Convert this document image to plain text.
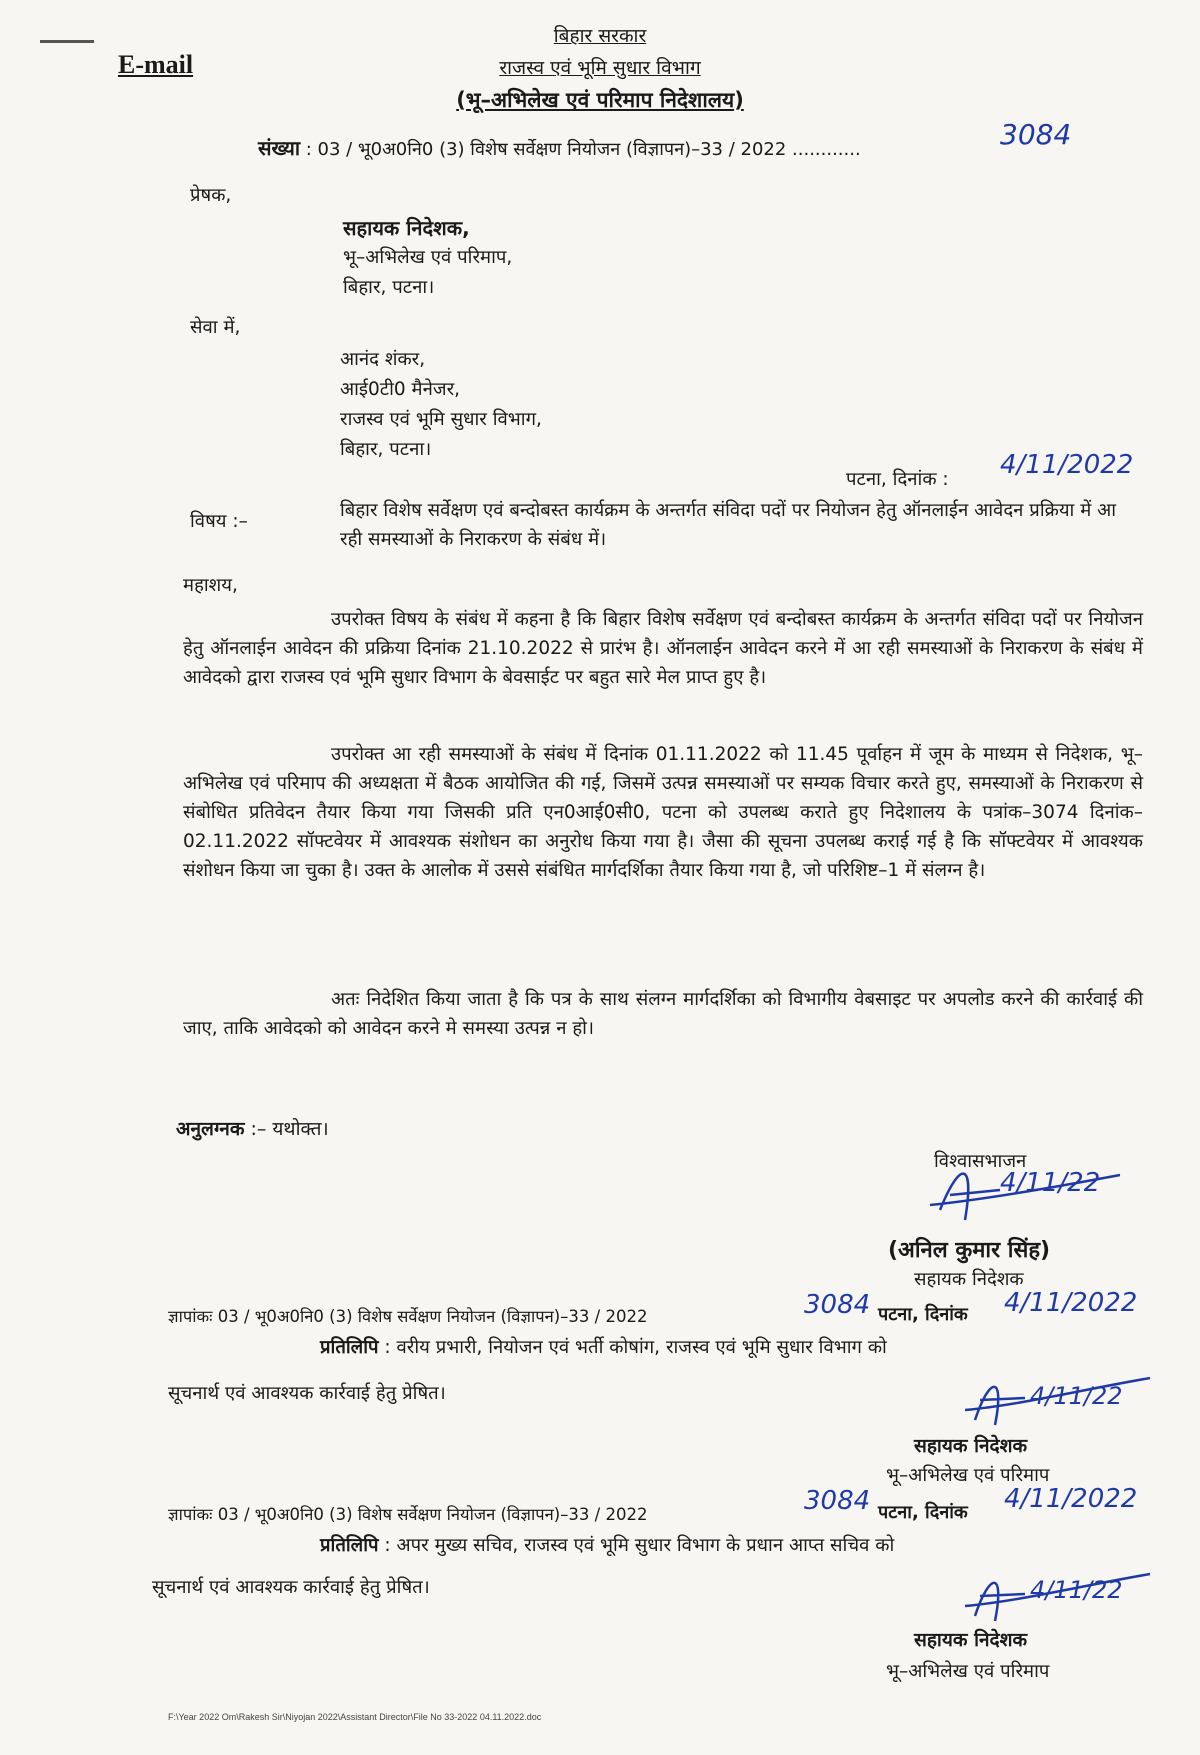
E-mail
बिहार सरकार
राजस्व एवं भूमि सुधार विभाग
(भू–अभिलेख एवं परिमाप निदेशालय)
संख्या : 03 / भू0अ0नि0 (3) विशेष सर्वेक्षण नियोजन (विज्ञापन)–33 / 2022 ............	3084
प्रेषक,
सहायक निदेशक,
भू–अभिलेख एवं परिमाप,
बिहार, पटना।
सेवा में,
आनंद शंकर,
आई0टी0 मैनेजर,
राजस्व एवं भूमि सुधार विभाग,
बिहार, पटना।
पटना, दिनांक : 4/11/2022
विषय :–
बिहार विशेष सर्वेक्षण एवं बन्दोबस्त कार्यक्रम के अन्तर्गत संविदा पदों पर नियोजन हेतु ऑनलाईन आवेदन प्रक्रिया में आ रही समस्याओं के निराकरण के संबंध में।
महाशय,
उपरोक्त विषय के संबंध में कहना है कि बिहार विशेष सर्वेक्षण एवं बन्दोबस्त कार्यक्रम के अन्तर्गत संविदा पदों पर नियोजन हेतु ऑनलाईन आवेदन की प्रक्रिया दिनांक 21.10.2022 से प्रारंभ है। ऑनलाईन आवेदन करने में आ रही समस्याओं के निराकरण के संबंध में आवेदको द्वारा राजस्व एवं भूमि सुधार विभाग के बेवसाईट पर बहुत सारे मेल प्राप्त हुए है।
उपरोक्त आ रही समस्याओं के संबंध में दिनांक 01.11.2022 को 11.45 पूर्वाहन में जूम के माध्यम से निदेशक, भू–अभिलेख एवं परिमाप की अध्यक्षता में बैठक आयोजित की गई, जिसमें उत्पन्न समस्याओं पर सम्यक विचार करते हुए, समस्याओं के निराकरण से संबोधित प्रतिवेदन तैयार किया गया जिसकी प्रति एन0आई0सी0, पटना को उपलब्ध कराते हुए निदेशालय के पत्रांक–3074 दिनांक–02.11.2022 सॉफ्टवेयर में आवश्यक संशोधन का अनुरोध किया गया है। जैसा की सूचना उपलब्ध कराई गई है कि सॉफ्टवेयर में आवश्यक संशोधन किया जा चुका है। उक्त के आलोक में उससे संबंधित मार्गदर्शिका तैयार किया गया है, जो परिशिष्ट–1 में संलग्न है।
अतः निदेशित किया जाता है कि पत्र के साथ संलग्न मार्गदर्शिका को विभागीय वेबसाइट पर अपलोड करने की कार्रवाई की जाए, ताकि आवेदको को आवेदन करने मे समस्या उत्पन्न न हो।
अनुलग्नक :– यथोक्त।
विश्वासभाजन
4/11/22
(अनिल कुमार सिंह)
सहायक निदेशक
ज्ञापांकः 03 / भू0अ0नि0 (3) विशेष सर्वेक्षण नियोजन (विज्ञापन)–33 / 2022	3084 पटना, दिनांक 4/11/2022
प्रतिलिपि : वरीय प्रभारी, नियोजन एवं भर्ती कोषांग, राजस्व एवं भूमि सुधार विभाग को
सूचनार्थ एवं आवश्यक कार्रवाई हेतु प्रेषित।	4/11/22
सहायक निदेशक
भू–अभिलेख एवं परिमाप
ज्ञापांकः 03 / भू0अ0नि0 (3) विशेष सर्वेक्षण नियोजन (विज्ञापन)–33 / 2022	3084 पटना, दिनांक 4/11/2022
प्रतिलिपि : अपर मुख्य सचिव, राजस्व एवं भूमि सुधार विभाग के प्रधान आप्त सचिव को
सूचनार्थ एवं आवश्यक कार्रवाई हेतु प्रेषित।	4/11/22
सहायक निदेशक
भू–अभिलेख एवं परिमाप
F:\Year 2022 Om\Rakesh Sir\Niyojan 2022\Assistant Director\File No 33-2022 04.11.2022.doc
